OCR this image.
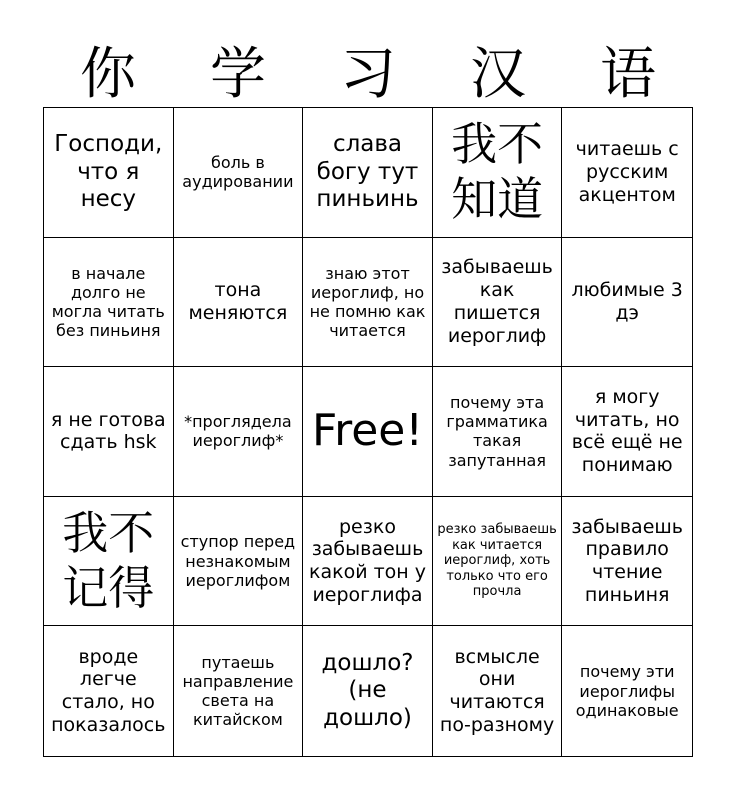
你	学	习	汉	语
Господи, что я несу
боль в аудировании
слава богу тут пиньинь
我不知道
читаешь с русским акцентом
в начале долго не могла читать без пиньиня
тона меняются
знаю этот иероглиф, но не помню как читается
забываешь как пишется иероглиф
любимые 3 дэ
я не готова сдать hsk
*проглядела иероглиф* Free!
почему эта грамматика такая запутанная
я могу читать, но всё ещё не понимаю
我不记得
ступор перед незнакомым иероглифом
резко забываешь какой тон у иероглифа
резко забываешь как читается иероглиф, хоть только что его прочла
забываешь правило чтение пиньиня
вроде легче стало, но показалось
путаешь направление света на китайском
дошло? (не дошло)
всмысле они читаются по-разному
почему эти иероглифы одинаковые
